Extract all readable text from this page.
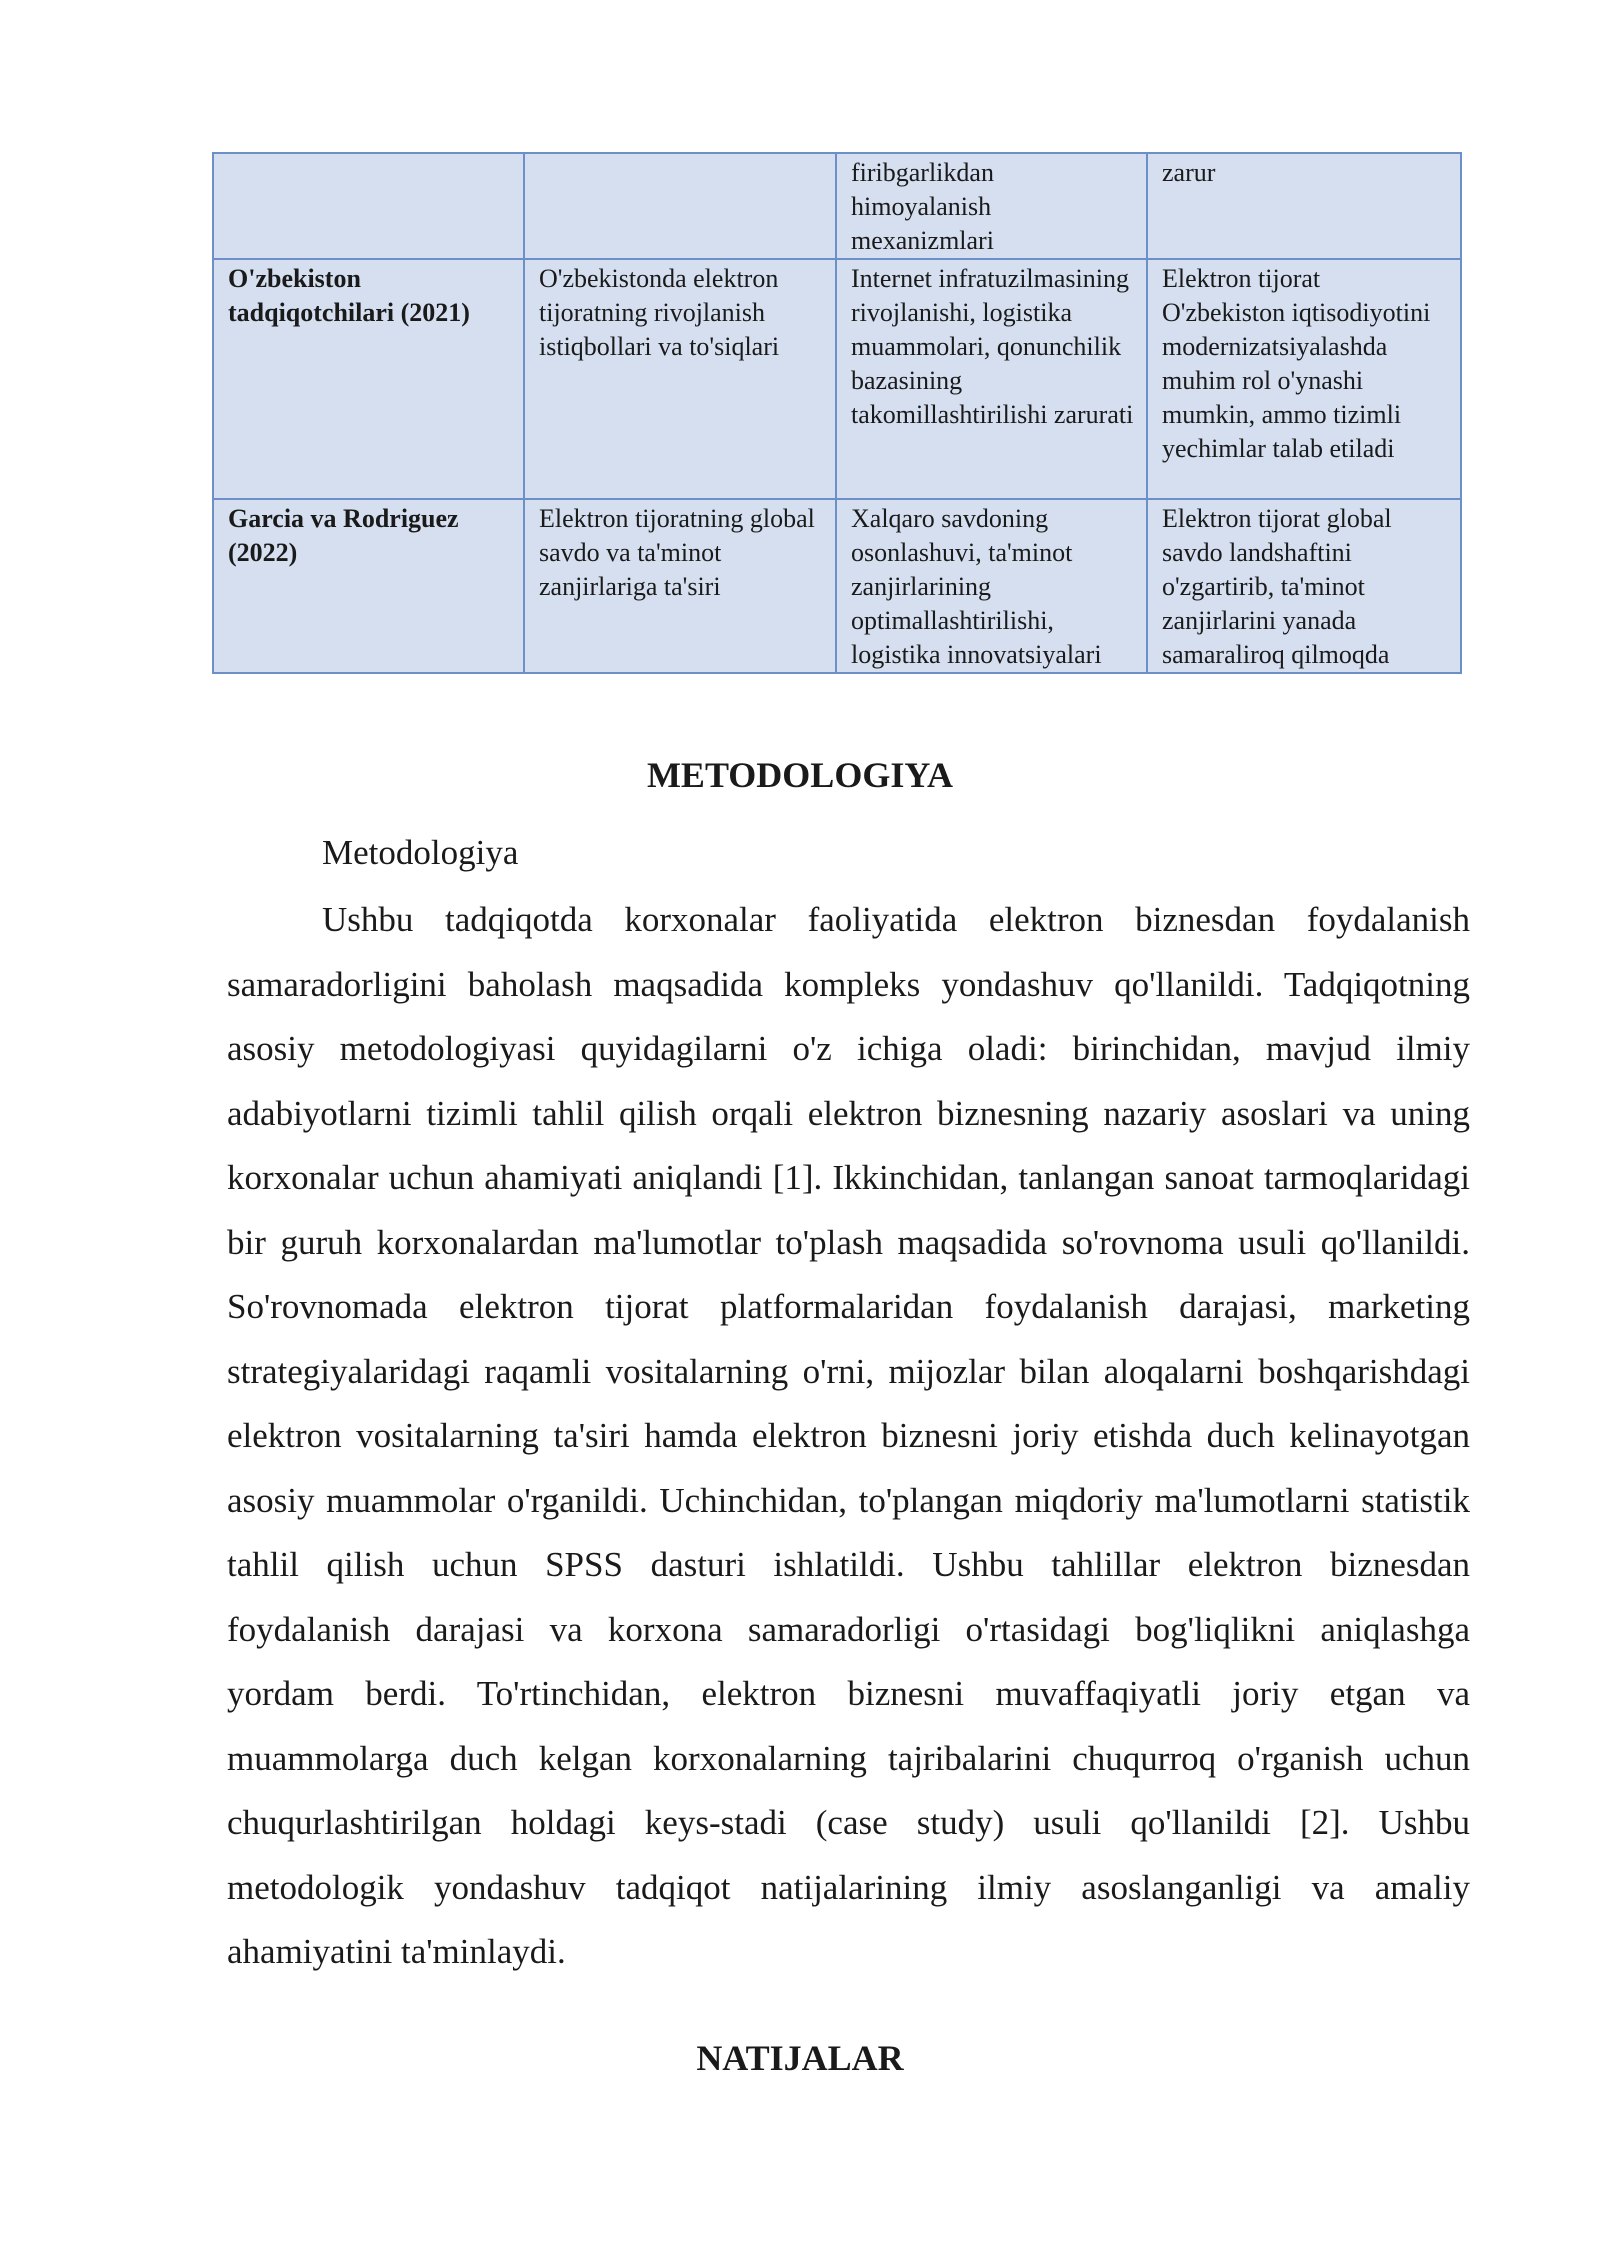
		firibgarlikdan himoyalanish mexanizmlari	zarur
O'zbekiston tadqiqotchilari (2021)	O'zbekistonda elektron tijoratning rivojlanish istiqbollari va to'siqlari	Internet infratuzilmasining rivojlanishi, logistika muammolari, qonunchilik bazasining takomillashtirilishi zarurati	Elektron tijorat O'zbekiston iqtisodiyotini modernizatsiyalashda muhim rol o'ynashi mumkin, ammo tizimli yechimlar talab etiladi
Garcia va Rodriguez (2022)	Elektron tijoratning global savdo va ta'minot zanjirlariga ta'siri	Xalqaro savdoning osonlashuvi, ta'minot zanjirlarining optimallashtirilishi, logistika innovatsiyalari	Elektron tijorat global savdo landshaftini o'zgartirib, ta'minot zanjirlarini yanada samaraliroq qilmoqda
METODOLOGIYA

Metodologiya

Ushbu tadqiqotda korxonalar faoliyatida elektron biznesdan foydalanish samaradorligini baholash maqsadida kompleks yondashuv qo'llanildi. Tadqiqotning asosiy metodologiyasi quyidagilarni o'z ichiga oladi: birinchidan, mavjud ilmiy adabiyotlarni tizimli tahlil qilish orqali elektron biznesning nazariy asoslari va uning korxonalar uchun ahamiyati aniqlandi [1]. Ikkinchidan, tanlangan sanoat tarmoqlaridagi bir guruh korxonalardan ma'lumotlar to'plash maqsadida so'rovnoma usuli qo'llanildi. So'rovnomada elektron tijorat platformalaridan foydalanish darajasi, marketing strategiyalaridagi raqamli vositalarning o'rni, mijozlar bilan aloqalarni boshqarishdagi elektron vositalarning ta'siri hamda elektron biznesni joriy etishda duch kelinayotgan asosiy muammolar o'rganildi. Uchinchidan, to'plangan miqdoriy ma'lumotlarni statistik tahlil qilish uchun SPSS dasturi ishlatildi. Ushbu tahlillar elektron biznesdan foydalanish darajasi va korxona samaradorligi o'rtasidagi bog'liqlikni aniqlashga yordam berdi. To'rtinchidan, elektron biznesni muvaffaqiyatli joriy etgan va muammolarga duch kelgan korxonalarning tajribalarini chuqurroq o'rganish uchun chuqurlashtirilgan holdagi keys-stadi (case study) usuli qo'llanildi [2]. Ushbu metodologik yondashuv tadqiqot natijalarining ilmiy asoslanganligi va amaliy ahamiyatini ta'minlaydi.

NATIJALAR
